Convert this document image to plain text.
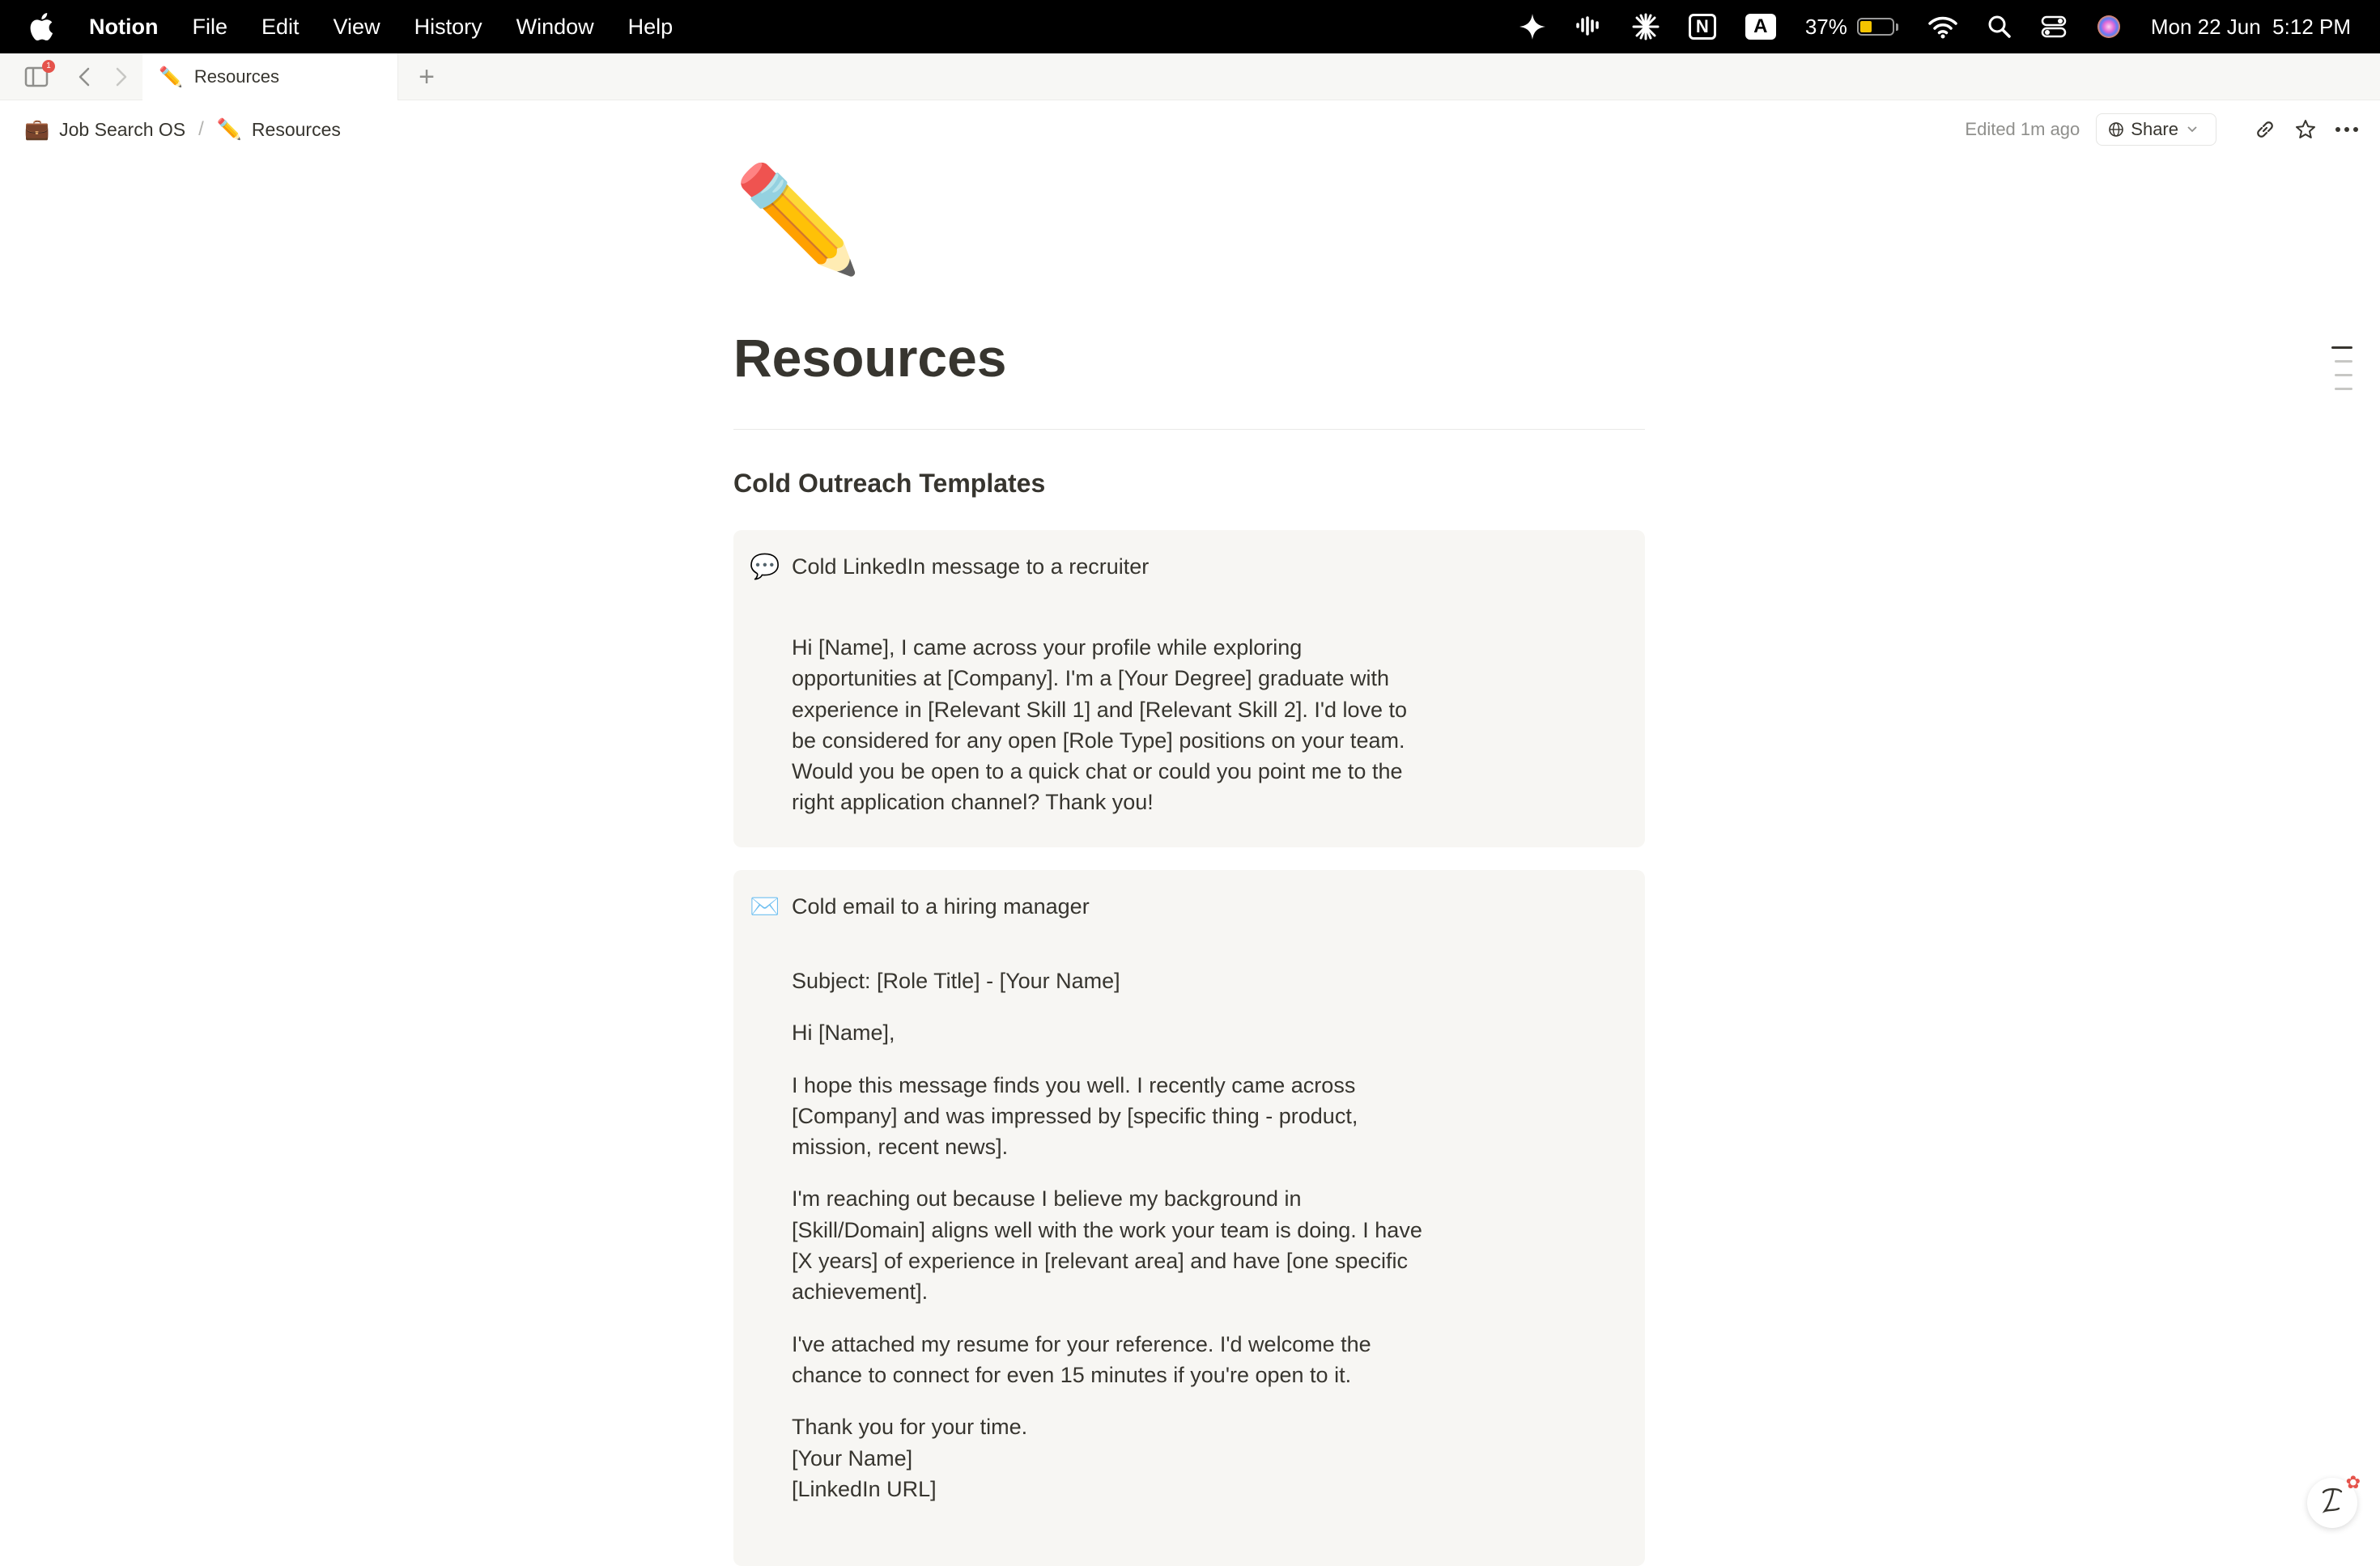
Notion File Edit View History Window Help	N	A	37%	Mon 22 Jun  5:12 PM
1	✏️ Resources	+
💼 Job Search OS / ✏️ Resources	Edited 1m ago	Share
✏️
Resources
Cold Outreach Templates
💬 Cold LinkedIn message to a recruiter

Hi [Name], I came across your profile while exploring opportunities at [Company]. I'm a [Your Degree] graduate with experience in [Relevant Skill 1] and [Relevant Skill 2]. I'd love to be considered for any open [Role Type] positions on your team. Would you be open to a quick chat or could you point me to the right application channel? Thank you!

✉️ Cold email to a hiring manager

Subject: [Role Title] - [Your Name]

Hi [Name],

I hope this message finds you well. I recently came across [Company] and was impressed by [specific thing - product, mission, recent news].

I'm reaching out because I believe my background in [Skill/Domain] aligns well with the work your team is doing. I have [X years] of experience in [relevant area] and have [one specific achievement].

I've attached my resume for your reference. I'd welcome the chance to connect for even 15 minutes if you're open to it.

Thank you for your time.

[Your Name]

[LinkedIn URL]	✿
